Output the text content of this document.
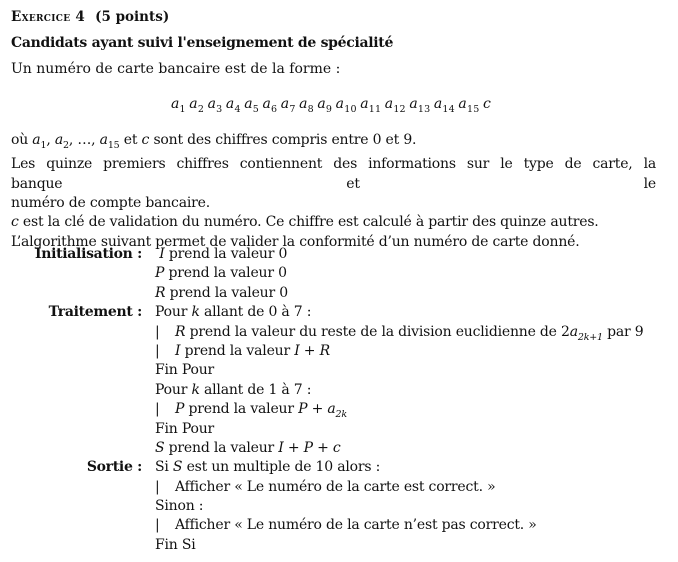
Exercice 4 (5 points)
Candidats ayant suivi l'enseignement de spécialité
Un numéro de carte bancaire est de la forme :
$a_1$ $a_2$ $a_3$ $a_4$ $a_5$ $a_6$ $a_7$ $a_8$ $a_9$ $a_{10}$ $a_{11}$ $a_{12}$ $a_{13}$ $a_{14}$ $a_{15}$ c

où $a_1$, $a_2$, …, $a_{15}$ et c sont des chiffres compris entre 0 et 9.

Les quinze premiers chiffres contiennent des informations sur le type de carte, la banque et le

numéro de compte bancaire.

c est la clé de validation du numéro. Ce chiffre est calculé à partir des quinze autres.

L’algorithme suivant permet de valider la conformité d’un numéro de carte donné.

Initialisation :	I prend la valeur 0
P prend la valeur 0
R prend la valeur 0
Traitement : Pour k allant de 0 à 7 :
| R prend la valeur du reste de la division euclidienne de $2a_{2k+1}$ par 9
| I prend la valeur I + R
Fin Pour
Pour k allant de 1 à 7 :
| P prend la valeur $P + a_{2k}$
Fin Pour
S prend la valeur I + P + c
Sortie : Si S est un multiple de 10 alors :
| Afficher « Le numéro de la carte est correct. »
Sinon :
| Afficher « Le numéro de la carte n’est pas correct. »
Fin Si
